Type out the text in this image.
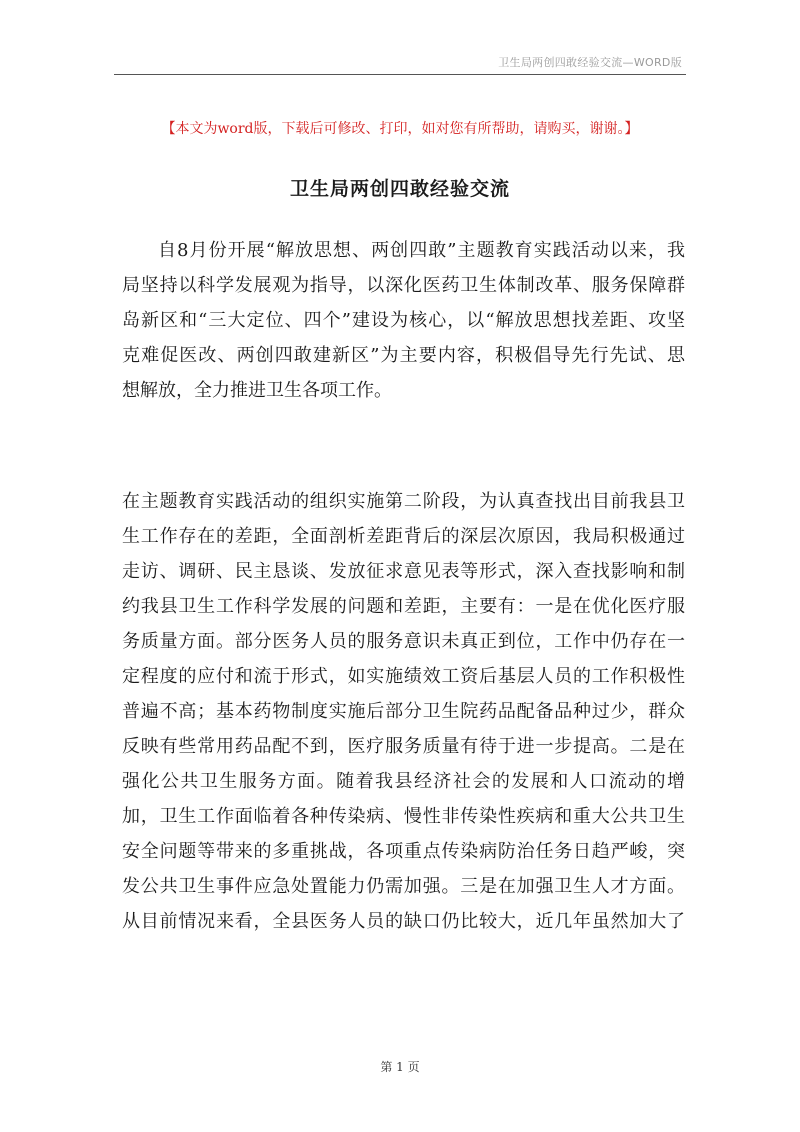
卫生局两创四敢经验交流—WORD版
【本文为word版，下载后可修改、打印，如对您有所帮助，请购买，谢谢。】
卫生局两创四敢经验交流
自8月份开展“解放思想、两创四敢”主题教育实践活动以来，我
局坚持以科学发展观为指导，以深化医药卫生体制改革、服务保障群
岛新区和“三大定位、四个”建设为核心，以“解放思想找差距、攻坚
克难促医改、两创四敢建新区”为主要内容，积极倡导先行先试、思
想解放，全力推进卫生各项工作。
在主题教育实践活动的组织实施第二阶段，为认真查找出目前我县卫
生工作存在的差距，全面剖析差距背后的深层次原因，我局积极通过
走访、调研、民主恳谈、发放征求意见表等形式，深入查找影响和制
约我县卫生工作科学发展的问题和差距，主要有：一是在优化医疗服
务质量方面。部分医务人员的服务意识未真正到位，工作中仍存在一
定程度的应付和流于形式，如实施绩效工资后基层人员的工作积极性
普遍不高；基本药物制度实施后部分卫生院药品配备品种过少，群众
反映有些常用药品配不到，医疗服务质量有待于进一步提高。二是在
强化公共卫生服务方面。随着我县经济社会的发展和人口流动的增
加，卫生工作面临着各种传染病、慢性非传染性疾病和重大公共卫生
安全问题等带来的多重挑战，各项重点传染病防治任务日趋严峻，突
发公共卫生事件应急处置能力仍需加强。三是在加强卫生人才方面。
从目前情况来看，全县医务人员的缺口仍比较大，近几年虽然加大了
第 1 页
